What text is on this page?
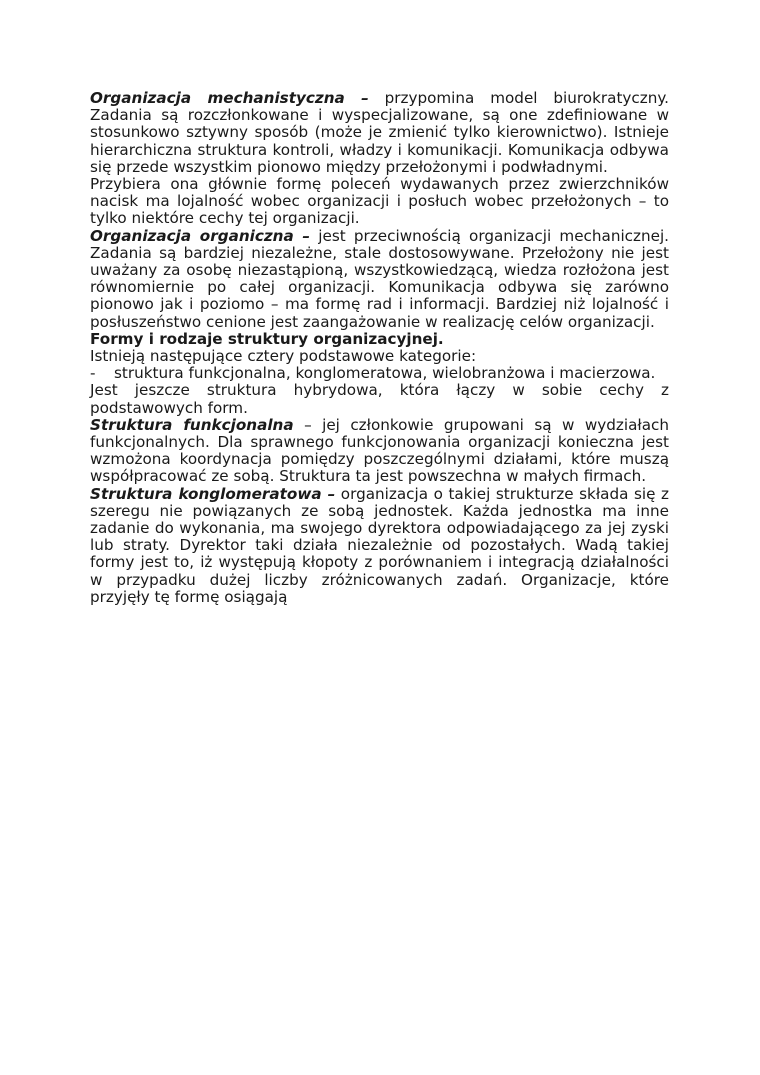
Organizacja mechanistyczna – przypomina model biurokratyczny. Zadania są rozczłonkowane i wyspecjalizowane, są one zdefiniowane w stosunkowo sztywny sposób (może je zmienić tylko kierownictwo). Istnieje hierarchiczna struktura kontroli, władzy i komunikacji. Komunikacja odbywa się przede wszystkim pionowo między przełożonymi i podwładnymi.

Przybiera ona głównie formę poleceń wydawanych przez zwierzchników nacisk ma lojalność wobec organizacji i posłuch wobec przełożonych – to tylko niektóre cechy tej organizacji.

Organizacja organiczna – jest przeciwnością organizacji mechanicznej. Zadania są bardziej niezależne, stale dostosowywane. Przełożony nie jest uważany za osobę niezastąpioną, wszystkowiedzącą, wiedza rozłożona jest równomiernie po całej organizacji. Komunikacja odbywa się zarówno pionowo jak i poziomo – ma formę rad i informacji. Bardziej niż lojalność i posłuszeństwo cenione jest zaangażowanie w realizację celów organizacji.

Formy i rodzaje struktury organizacyjnej.

Istnieją następujące cztery podstawowe kategorie:

- struktura funkcjonalna, konglomeratowa, wielobranżowa i macierzowa.

Jest jeszcze struktura hybrydowa, która łączy w sobie cechy z podstawowych form.

Struktura funkcjonalna – jej członkowie grupowani są w wydziałach funkcjonalnych. Dla sprawnego funkcjonowania organizacji konieczna jest wzmożona koordynacja pomiędzy poszczególnymi działami, które muszą współpracować ze sobą. Struktura ta jest powszechna w małych firmach.

Struktura konglomeratowa – organizacja o takiej strukturze składa się z szeregu nie powiązanych ze sobą jednostek. Każda jednostka ma inne zadanie do wykonania, ma swojego dyrektora odpowiadającego za jej zyski lub straty. Dyrektor taki działa niezależnie od pozostałych. Wadą takiej formy jest to, iż występują kłopoty z porównaniem i integracją działalności w przypadku dużej liczby zróżnicowanych zadań. Organizacje, które przyjęły tę formę osiągają
